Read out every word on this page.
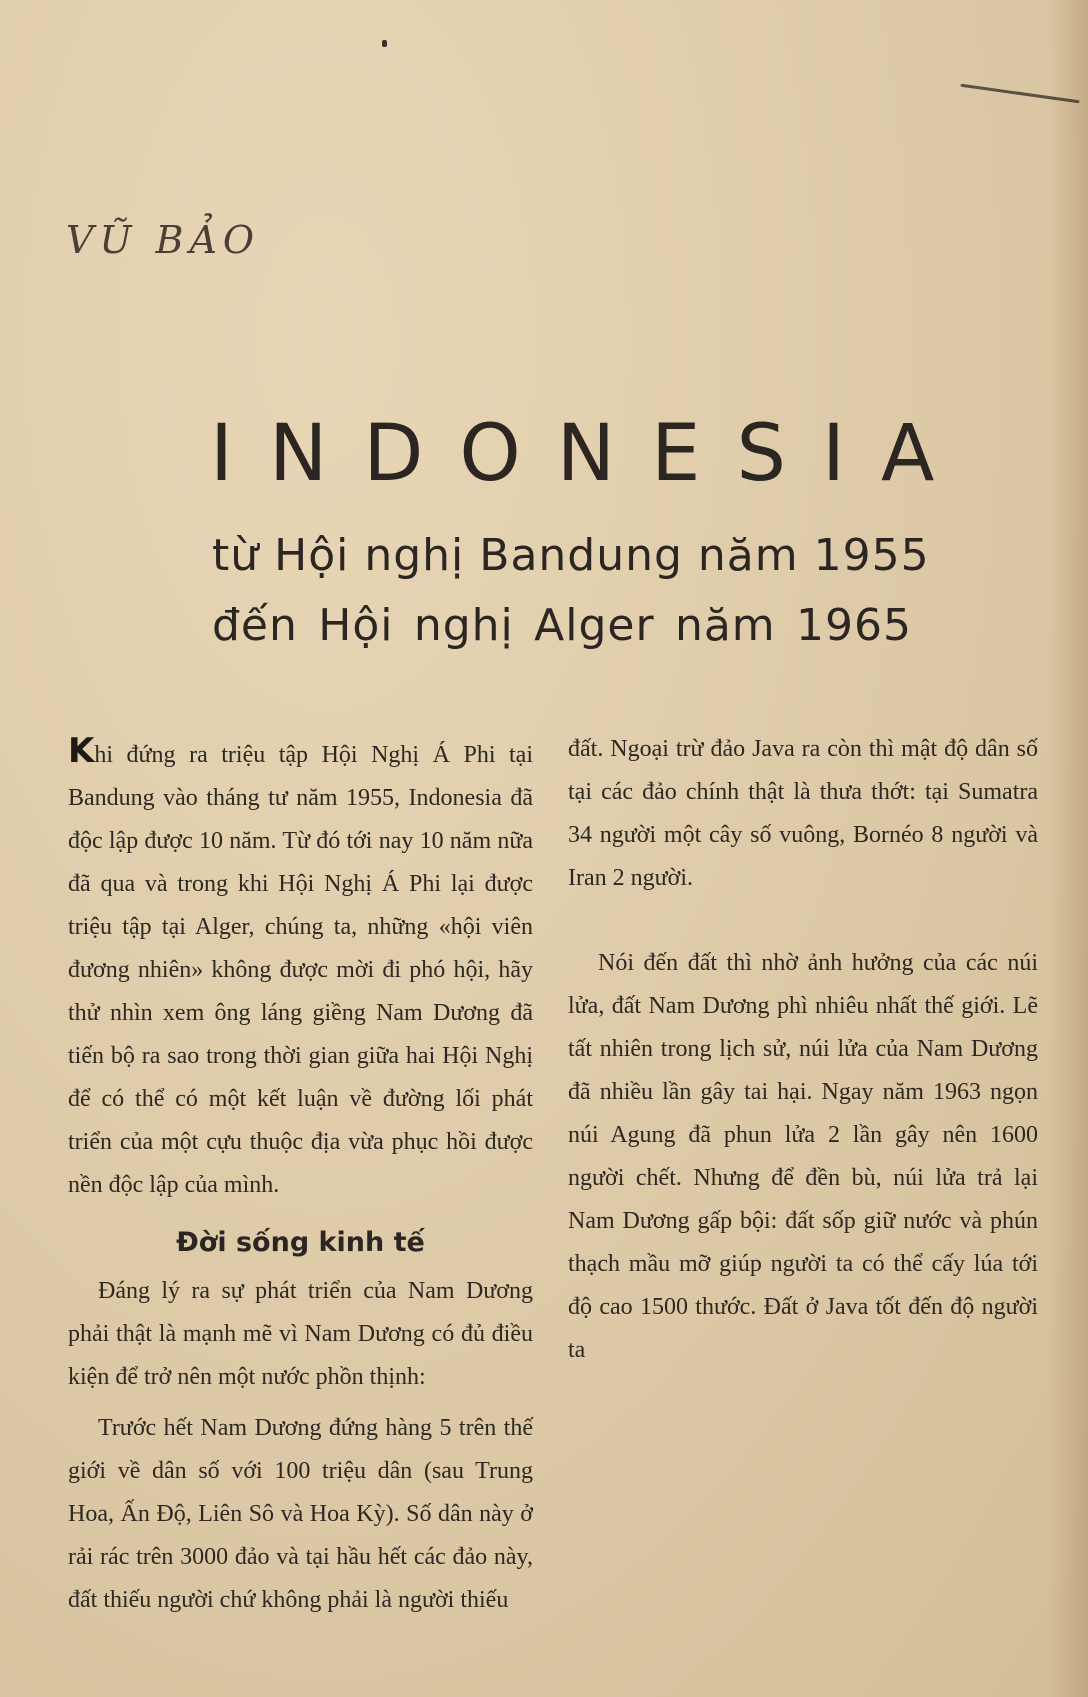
VŨ BẢO
INDONESIA
từ Hội nghị Bandung năm 1955
đến Hội nghị Alger năm 1965

Khi đứng ra triệu tập Hội Nghị Á Phi tại Bandung vào tháng tư năm 1955, Indonesia đã độc lập được 10 năm. Từ đó tới nay 10 năm nữa đã qua và trong khi Hội Nghị Á Phi lại được triệu tập tại Alger, chúng ta, những «hội viên đương nhiên» không được mời đi phó hội, hãy thử nhìn xem ông láng giềng Nam Dương đã tiến bộ ra sao trong thời gian giữa hai Hội Nghị để có thể có một kết luận về đường lối phát triển của một cựu thuộc địa vừa phục hồi được nền độc lập của mình.

Đời sống kinh tế

Đáng lý ra sự phát triển của Nam Dương phải thật là mạnh mẽ vì Nam Dương có đủ điều kiện để trở nên một nước phồn thịnh:

Trước hết Nam Dương đứng hàng 5 trên thế giới về dân số với 100 triệu dân (sau Trung Hoa, Ấn Độ, Liên Sô và Hoa Kỳ). Số dân này ở rải rác trên 3000 đảo và tại hầu hết các đảo này, đất thiếu người chứ không phải là người thiếu

đất. Ngoại trừ đảo Java ra còn thì mật độ dân số tại các đảo chính thật là thưa thớt: tại Sumatra 34 người một cây số vuông, Bornéo 8 người và Iran 2 người.

Nói đến đất thì nhờ ảnh hưởng của các núi lửa, đất Nam Dương phì nhiêu nhất thế giới. Lẽ tất nhiên trong lịch sử, núi lửa của Nam Dương đã nhiều lần gây tai hại. Ngay năm 1963 ngọn núi Agung đã phun lửa 2 lần gây nên 1600 người chết. Nhưng để đền bù, núi lửa trả lại Nam Dương gấp bội: đất sốp giữ nước và phún thạch mầu mỡ giúp người ta có thể cấy lúa tới độ cao 1500 thước. Đất ở Java tốt đến độ người ta
